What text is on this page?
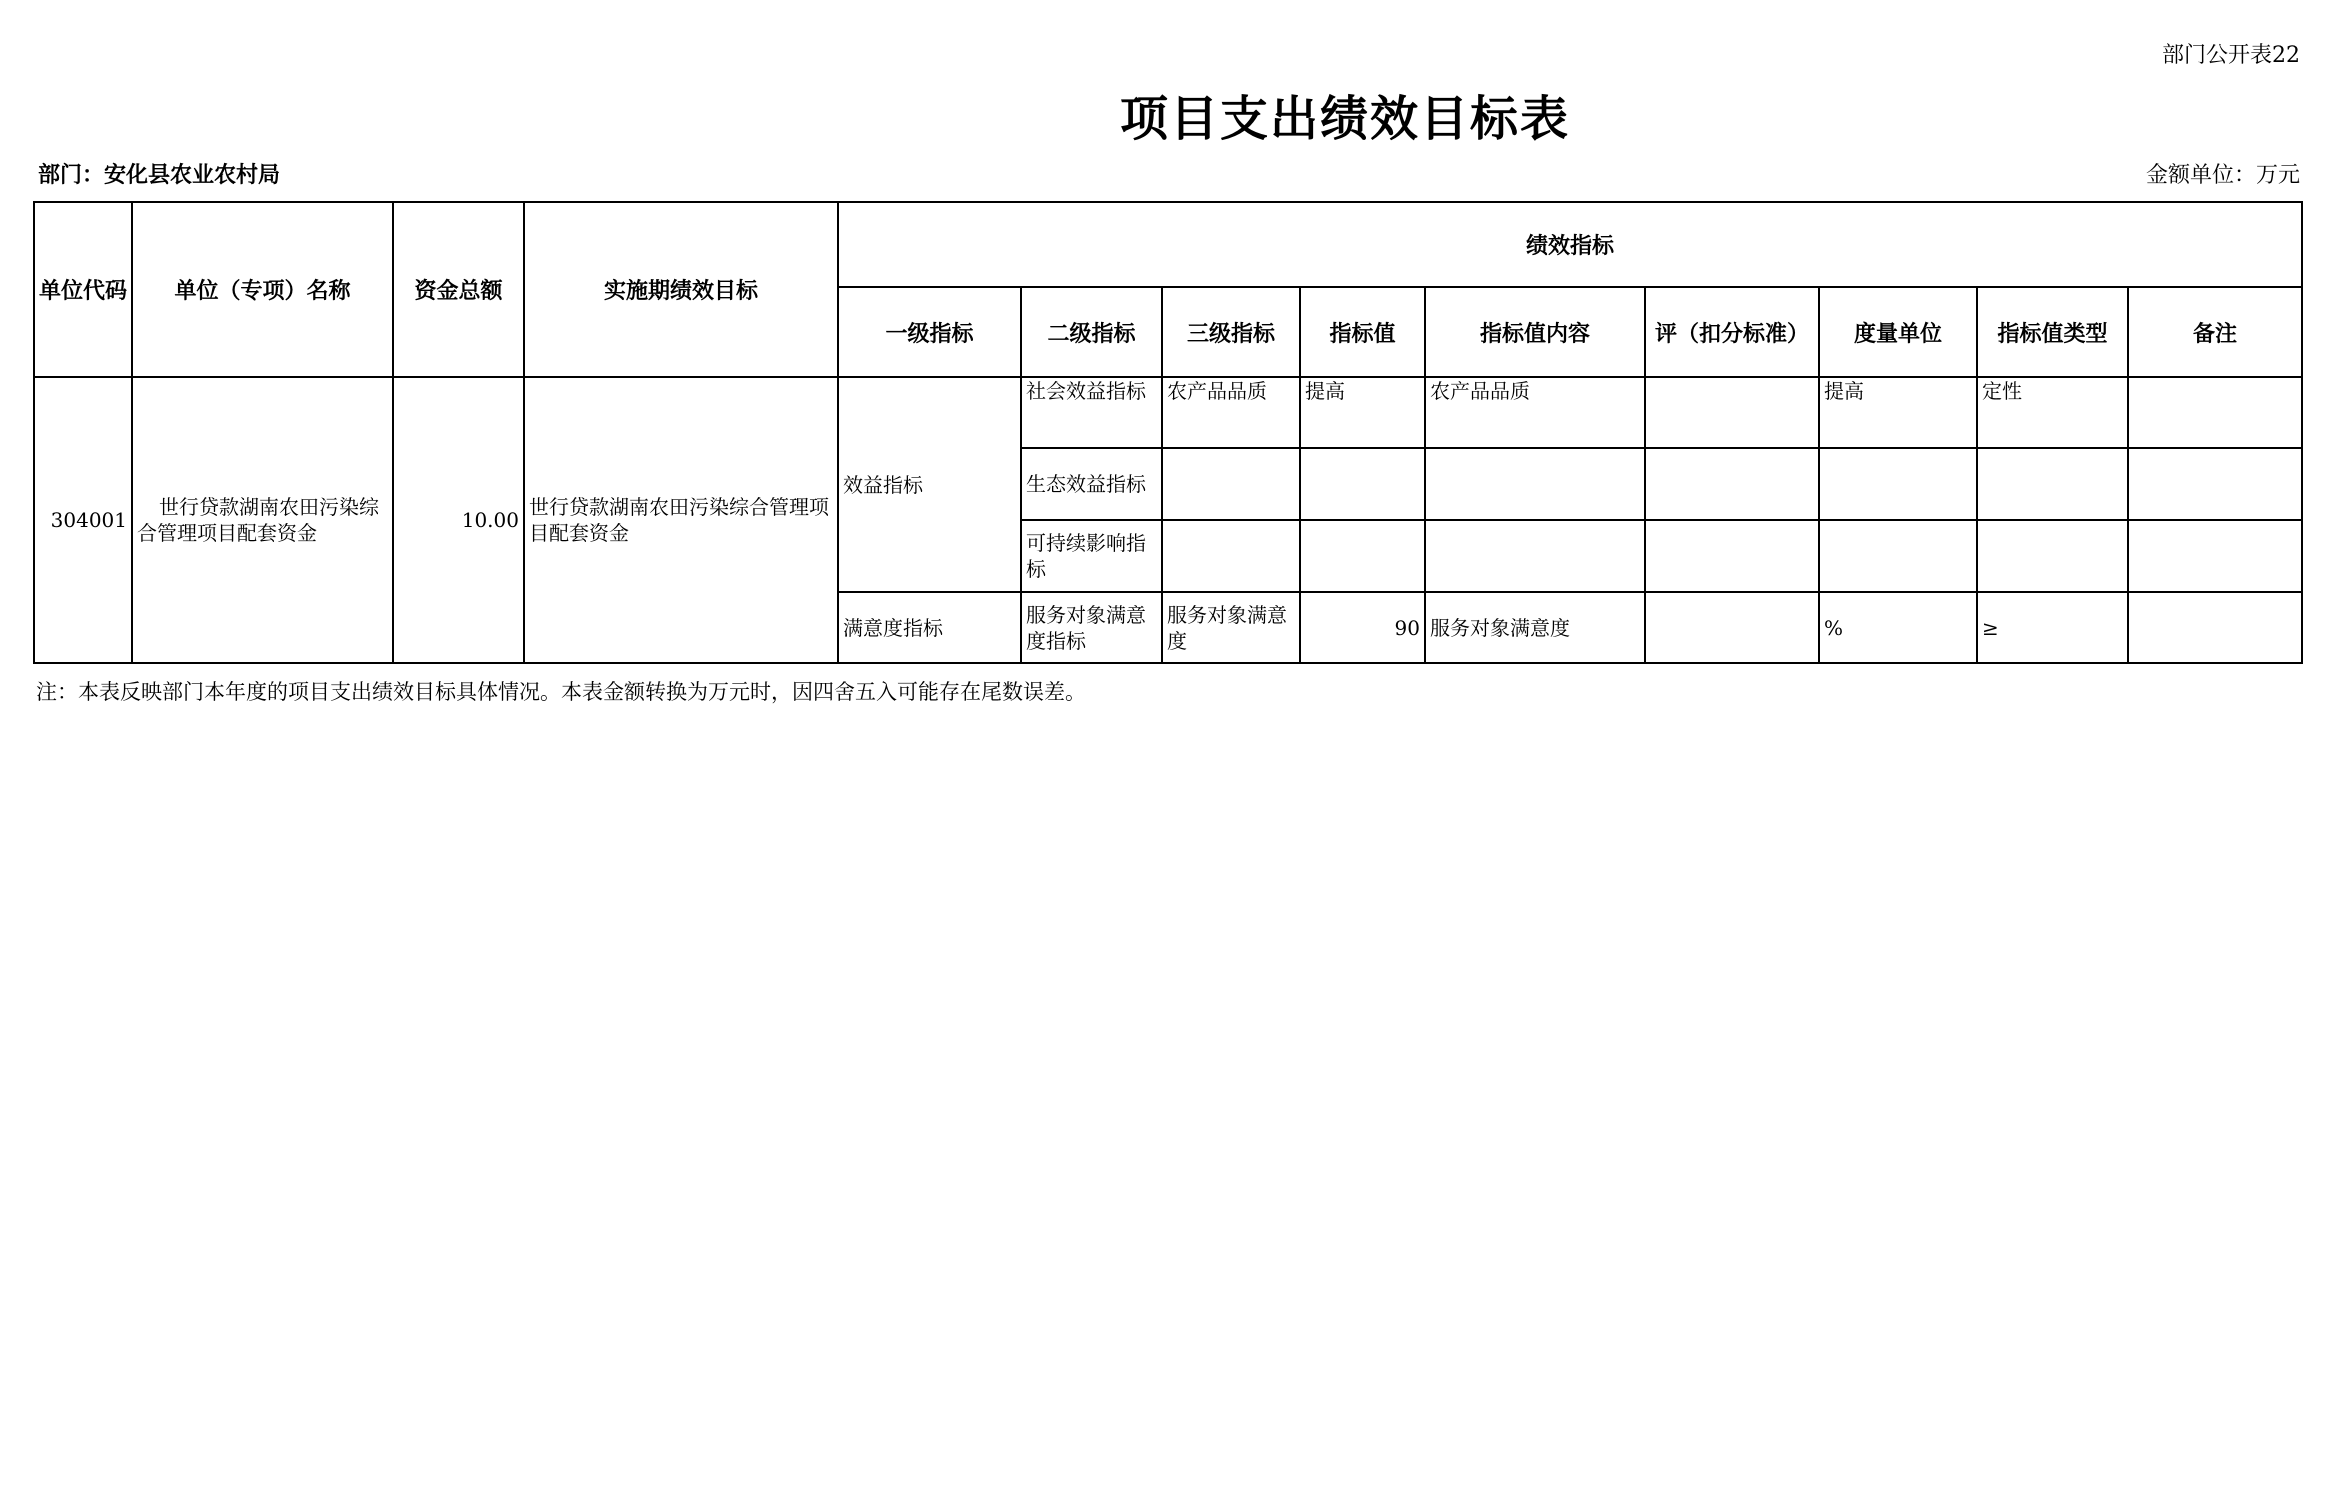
部门公开表22
项目支出绩效目标表
部门：安化县农业农村局	金额单位：万元
单位代码	单位（专项）名称	资金总额	实施期绩效目标	绩效指标								
				一级指标	二级指标	三级指标	指标值	指标值内容	评（扣分标准）	度量单位	指标值类型	备注
304001	世行贷款湖南农田污染综合管理项目配套资金	10.00	世行贷款湖南农田污染综合管理项目配套资金	效益指标	社会效益指标	农产品品质	提高	农产品品质		提高	定性	
					生态效益指标							
					可持续影响指标							
				满意度指标	服务对象满意度指标	服务对象满意度	90	服务对象满意度		%	≥	
注：本表反映部门本年度的项目支出绩效目标具体情况。本表金额转换为万元时，因四舍五入可能存在尾数误差。
